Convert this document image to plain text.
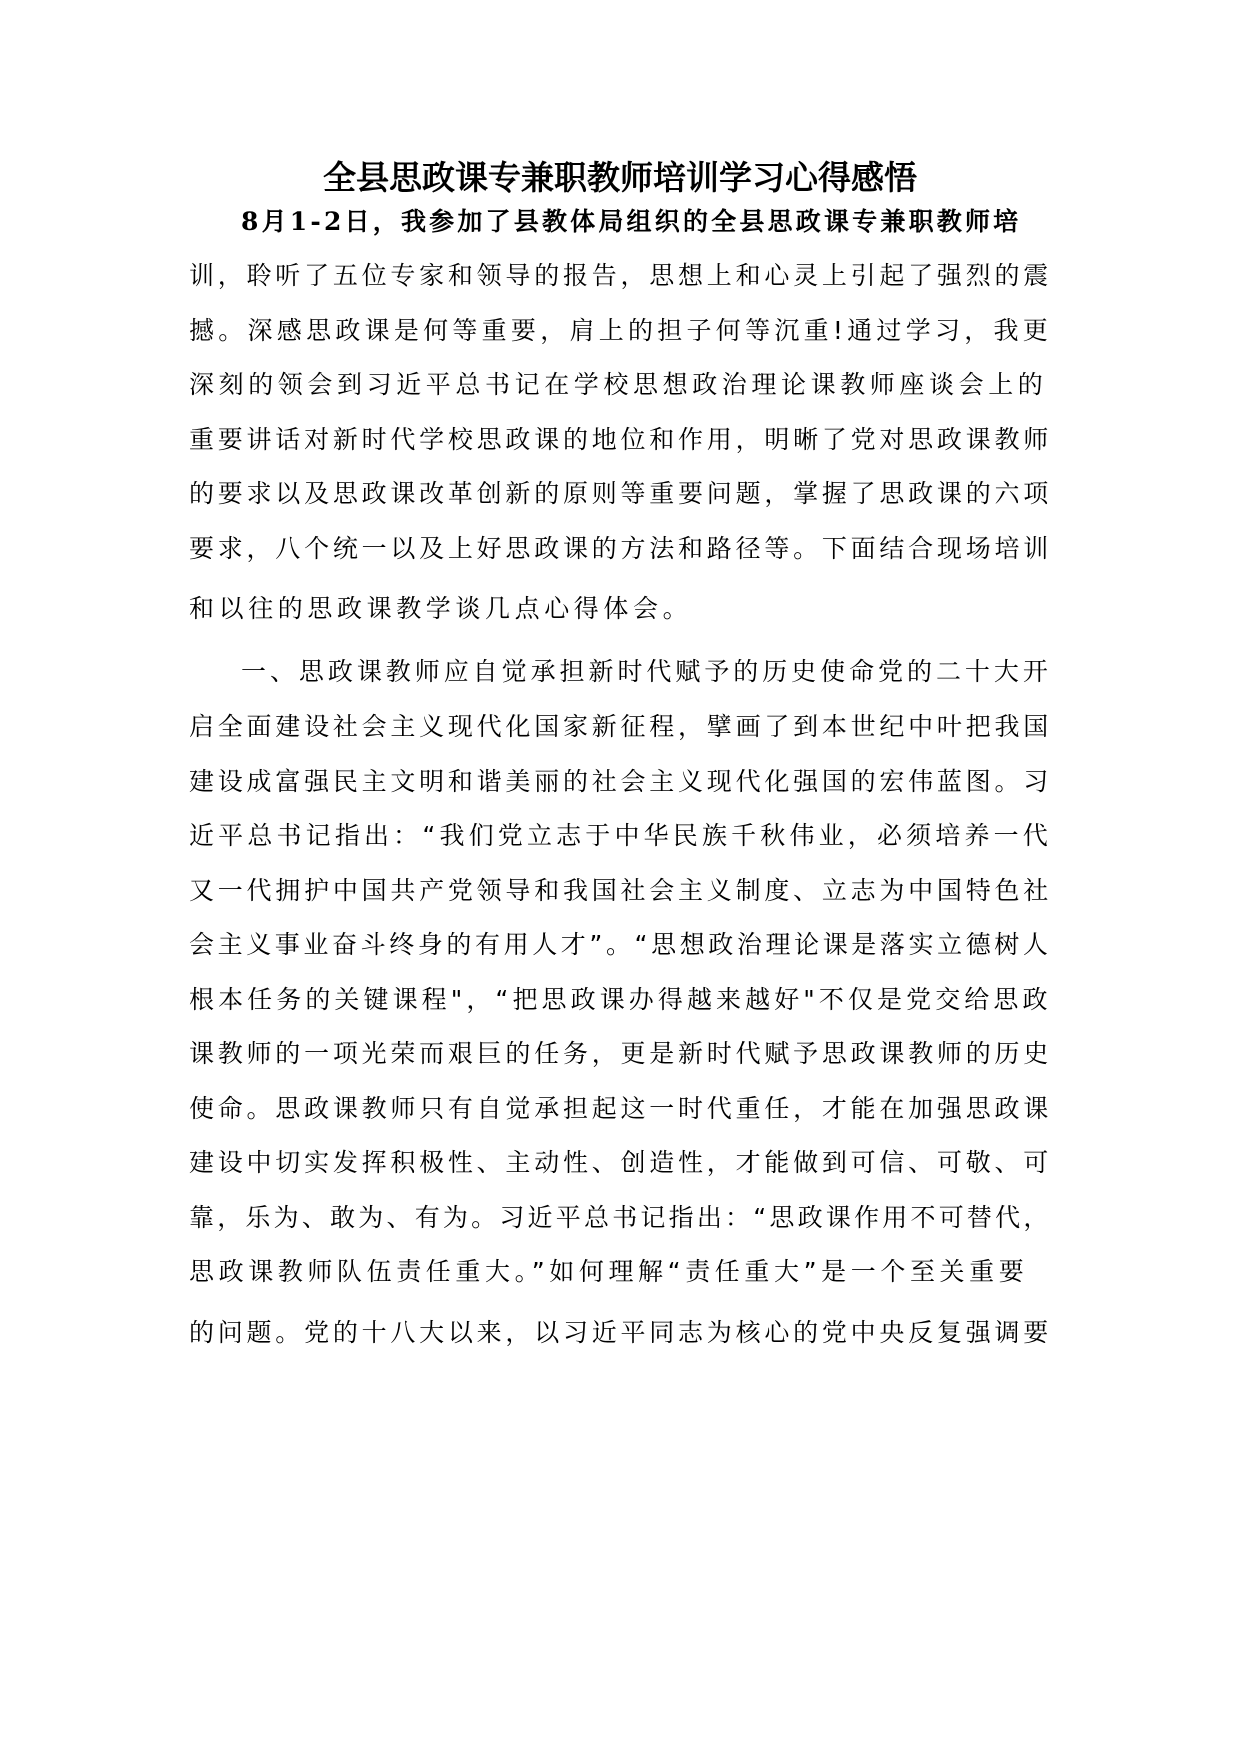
全县思政课专兼职教师培训学习心得感悟
8月1-2日，我参加了县教体局组织的全县思政课专兼职教师培
训，聆听了五位专家和领导的报告，思想上和心灵上引起了强烈的震
撼。深感思政课是何等重要，肩上的担子何等沉重!通过学习，我更
深刻的领会到习近平总书记在学校思想政治理论课教师座谈会上的
重要讲话对新时代学校思政课的地位和作用，明晰了党对思政课教师
的要求以及思政课改革创新的原则等重要问题，掌握了思政课的六项
要求，八个统一以及上好思政课的方法和路径等。下面结合现场培训
和以往的思政课教学谈几点心得体会。
一、思政课教师应自觉承担新时代赋予的历史使命党的二十大开
启全面建设社会主义现代化国家新征程，擘画了到本世纪中叶把我国
建设成富强民主文明和谐美丽的社会主义现代化强国的宏伟蓝图。习
近平总书记指出：“我们党立志于中华民族千秋伟业，必须培养一代
又一代拥护中国共产党领导和我国社会主义制度、立志为中国特色社
会主义事业奋斗终身的有用人才”。“思想政治理论课是落实立德树人
根本任务的关键课程"，“把思政课办得越来越好"不仅是党交给思政
课教师的一项光荣而艰巨的任务，更是新时代赋予思政课教师的历史
使命。思政课教师只有自觉承担起这一时代重任，才能在加强思政课
建设中切实发挥积极性、主动性、创造性，才能做到可信、可敬、可
靠，乐为、敢为、有为。习近平总书记指出：“思政课作用不可替代，
思政课教师队伍责任重大。”如何理解“责任重大”是一个至关重要
的问题。党的十八大以来，以习近平同志为核心的党中央反复强调要
